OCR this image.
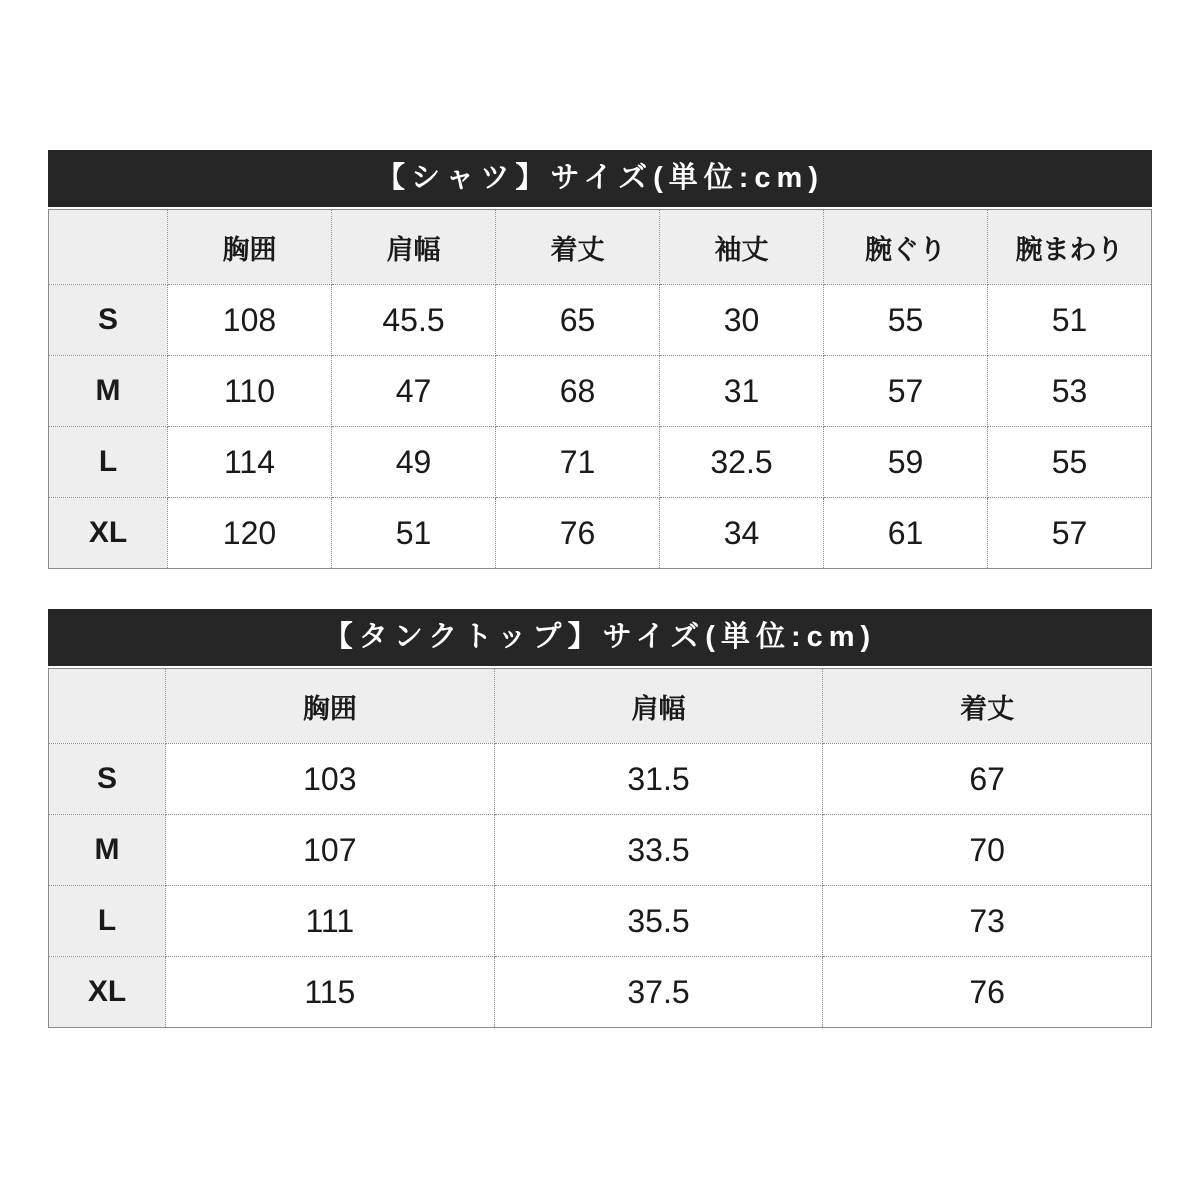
【シャツ】サイズ(単位:cm)
	胸囲	肩幅	着丈	袖丈	腕ぐり	腕まわり
S	108	45.5	65	30	55	51
M	110	47	68	31	57	53
L	114	49	71	32.5	59	55
XL	120	51	76	34	61	57
【タンクトップ】サイズ(単位:cm)
	胸囲	肩幅	着丈
S	103	31.5	67
M	107	33.5	70
L	111	35.5	73
XL	115	37.5	76
